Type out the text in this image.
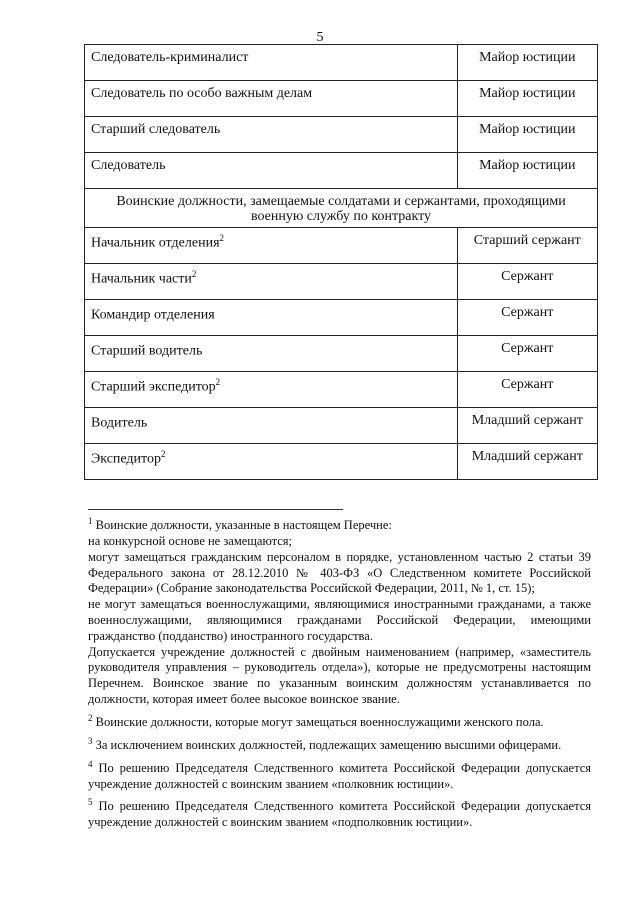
5
Следователь-криминалист	Майор юстиции
Следователь по особо важным делам	Майор юстиции
Старший следователь	Майор юстиции
Следователь	Майор юстиции
Воинские должности, замещаемые солдатами и сержантами, проходящими военную службу по контракту	
Начальник отделения$^2$	Старший сержант
Начальник части$^2$	Сержант
Командир отделения	Сержант
Старший водитель	Сержант
Старший экспедитор$^2$	Сержант
Водитель	Младший сержант
Экспедитор$^2$	Младший сержант

$^1$ Воинские должности, указанные в настоящем Перечне:

на конкурсной основе не замещаются;

могут замещаться гражданским персоналом в порядке, установленном частью 2 статьи 39 Федерального закона от 28.12.2010 № 403-ФЗ «О Следственном комитете Российской Федерации» (Собрание законодательства Российской Федерации, 2011, № 1, ст. 15);

не могут замещаться военнослужащими, являющимися иностранными гражданами, а также военнослужащими, являющимися гражданами Российской Федерации, имеющими гражданство (подданство) иностранного государства.

Допускается учреждение должностей с двойным наименованием (например, «заместитель руководителя управления – руководитель отдела»), которые не предусмотрены настоящим Перечнем. Воинское звание по указанным воинским должностям устанавливается по должности, которая имеет более высокое воинское звание.

$^2$ Воинские должности, которые могут замещаться военнослужащими женского пола.

$^3$ За исключением воинских должностей, подлежащих замещению высшими офицерами.

$^4$ По решению Председателя Следственного комитета Российской Федерации допускается учреждение должностей с воинским званием «полковник юстиции».

$^5$ По решению Председателя Следственного комитета Российской Федерации допускается учреждение должностей с воинским званием «подполковник юстиции».
